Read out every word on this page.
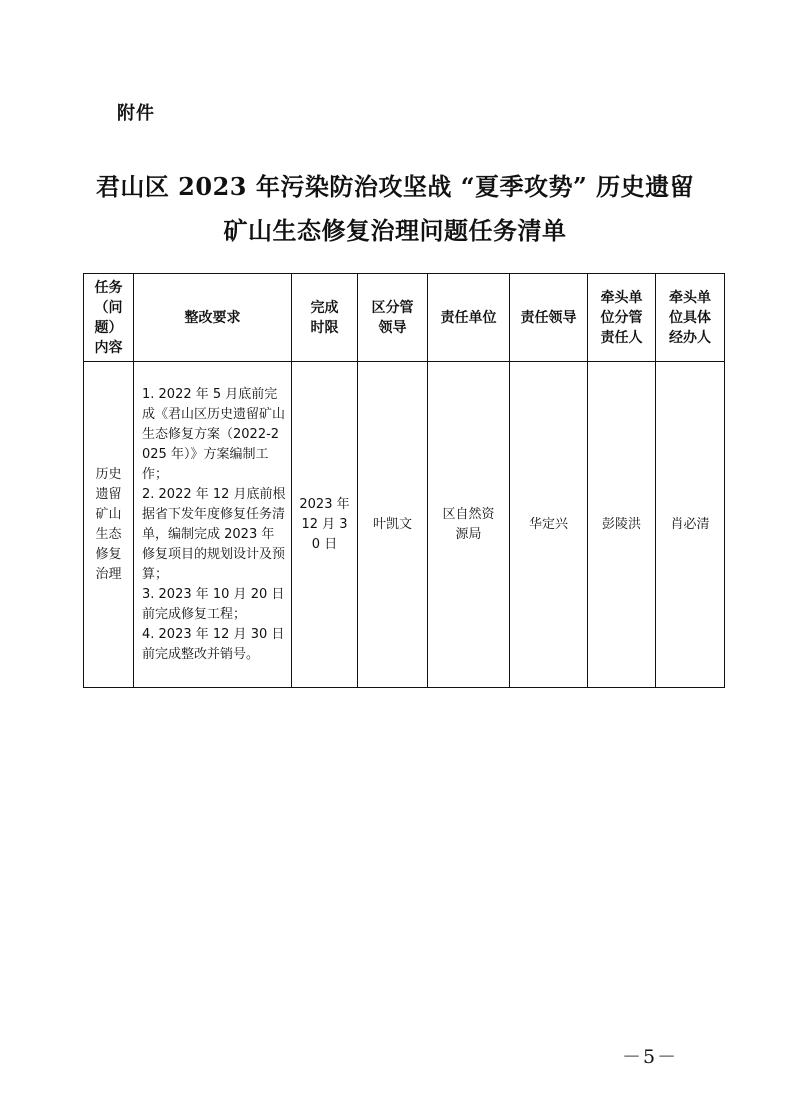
附件
君山区 2023 年污染防治攻坚战 “夏季攻势” 历史遗留
矿山生态修复治理问题任务清单
任务（问题）内容	整改要求	完成时限	区分管领导	责任单位	责任领导	牵头单位分管责任人	牵头单位具体经办人
历史遗留矿山生态修复治理	1. 2022 年 5 月底前完成《君山区历史遗留矿山生态修复方案（2022-2025 年）》方案编制工作；
2. 2022 年 12 月底前根据省下发年度修复任务清单，编制完成 2023 年修复项目的规划设计及预算；
3. 2023 年 10 月 20 日前完成修复工程；
4. 2023 年 12 月 30 日前完成整改并销号。	2023 年 12 月 30 日	叶凯文	区自然资源局	华定兴	彭陵洪	肖必清
－5－
